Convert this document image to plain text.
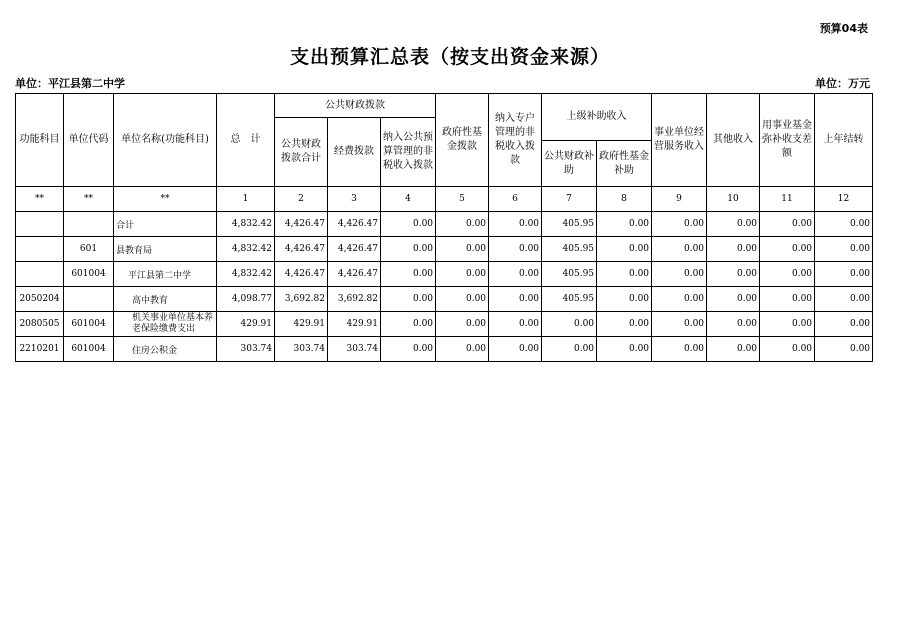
预算04表
支出预算汇总表（按支出资金来源）
单位：平江县第二中学	单位：万元
功能科目	单位代码	单位名称(功能科目)	总　计	公共财政拨款			政府性基金拨款	纳入专户管理的非税收入拨款	上级补助收入		事业单位经营服务收入	其他收入	用事业基金弥补收支差额	上年结转
				公共财政拨款合计	经费拨款	纳入公共预算管理的非税收入拨款								
									公共财政补助	政府性基金补助				
**	**	**	1	2	3	4	5	6	7	8	9	10	11	12
		合计	4,832.42	4,426.47	4,426.47	0.00	0.00	0.00	405.95	0.00	0.00	0.00	0.00	0.00
	601	县教育局	4,832.42	4,426.47	4,426.47	0.00	0.00	0.00	405.95	0.00	0.00	0.00	0.00	0.00
	601004	平江县第二中学	4,832.42	4,426.47	4,426.47	0.00	0.00	0.00	405.95	0.00	0.00	0.00	0.00	0.00
2050204		高中教育	4,098.77	3,692.82	3,692.82	0.00	0.00	0.00	405.95	0.00	0.00	0.00	0.00	0.00
2080505	601004	机关事业单位基本养老保险缴费支出	429.91	429.91	429.91	0.00	0.00	0.00	0.00	0.00	0.00	0.00	0.00	0.00
2210201	601004	住房公积金	303.74	303.74	303.74	0.00	0.00	0.00	0.00	0.00	0.00	0.00	0.00	0.00
